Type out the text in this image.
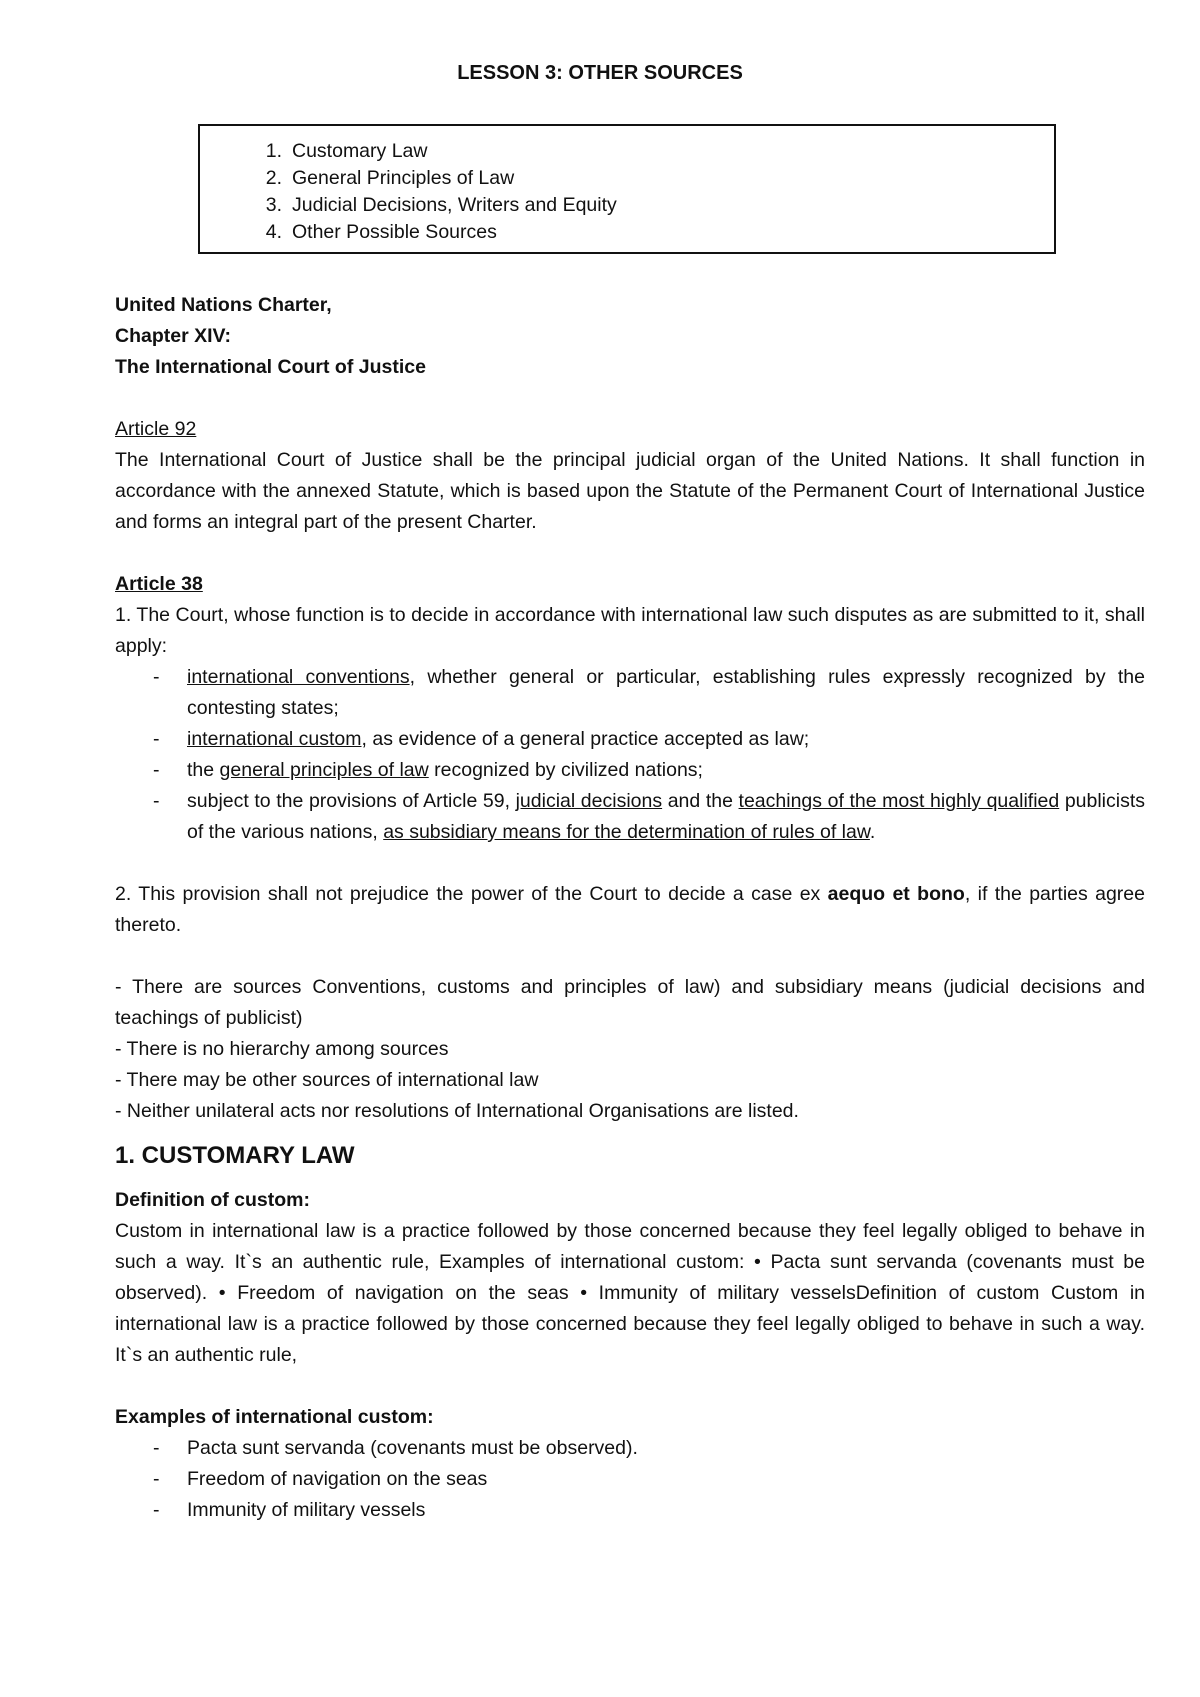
LESSON 3: OTHER SOURCES
1. Customary Law
2. General Principles of Law
3. Judicial Decisions, Writers and Equity
4. Other Possible Sources

United Nations Charter,

Chapter XIV:

The International Court of Justice

Article 92

The International Court of Justice shall be the principal judicial organ of the United Nations. It shall function in accordance with the annexed Statute, which is based upon the Statute of the Permanent Court of International Justice and forms an integral part of the present Charter.

Article 38

1. The Court, whose function is to decide in accordance with international law such disputes as are submitted to it, shall apply:

- international conventions, whether general or particular, establishing rules expressly recognized by the contesting states;
- international custom, as evidence of a general practice accepted as law;
- the general principles of law recognized by civilized nations;
- subject to the provisions of Article 59, judicial decisions and the teachings of the most highly qualified publicists of the various nations, as subsidiary means for the determination of rules of law.

2. This provision shall not prejudice the power of the Court to decide a case ex aequo et bono, if the parties agree thereto.

- There are sources Conventions, customs and principles of law) and subsidiary means (judicial decisions and teachings of publicist)

- There is no hierarchy among sources

- There may be other sources of international law

- Neither unilateral acts nor resolutions of International Organisations are listed.

1. CUSTOMARY LAW

Definition of custom:

Custom in international law is a practice followed by those concerned because they feel legally obliged to behave in such a way. It`s an authentic rule, Examples of international custom: • Pacta sunt servanda (covenants must be observed). • Freedom of navigation on the seas • Immunity of military vesselsDefinition of custom Custom in international law is a practice followed by those concerned because they feel legally obliged to behave in such a way. It`s an authentic rule,

Examples of international custom:

- Pacta sunt servanda (covenants must be observed).
- Freedom of navigation on the seas
- Immunity of military vessels
